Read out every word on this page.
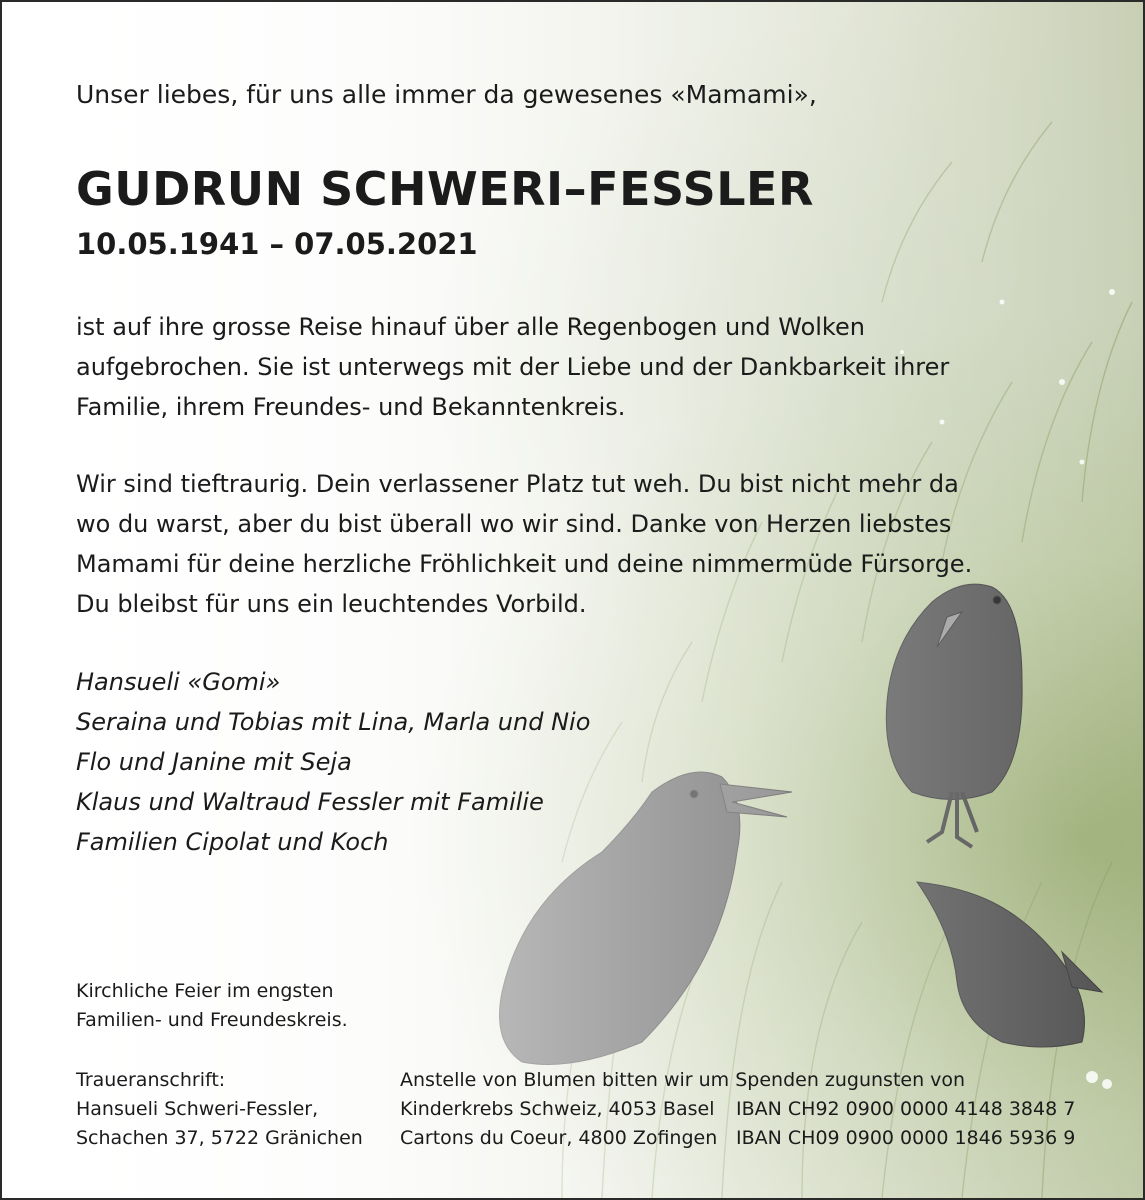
Unser liebes, für uns alle immer da gewesenes «Mamami»,
GUDRUN SCHWERI–FESSLER
10.05.1941 – 07.05.2021
ist auf ihre grosse Reise hinauf über alle Regenbogen und Wolken
aufgebrochen. Sie ist unterwegs mit der Liebe und der Dankbarkeit ihrer
Familie, ihrem Freundes- und Bekanntenkreis.
Wir sind tieftraurig. Dein verlassener Platz tut weh. Du bist nicht mehr da
wo du warst, aber du bist überall wo wir sind. Danke von Herzen liebstes
Mamami für deine herzliche Fröhlichkeit und deine nimmermüde Fürsorge.
Du bleibst für uns ein leuchtendes Vorbild.
Hansueli «Gomi»
Seraina und Tobias mit Lina, Marla und Nio
Flo und Janine mit Seja
Klaus und Waltraud Fessler mit Familie
Familien Cipolat und Koch
Kirchliche Feier im engsten
Familien- und Freundeskreis.
Traueranschrift:
Hansueli Schweri-Fessler,
Schachen 37, 5722 Gränichen
Anstelle von Blumen bitten wir um Spenden zugunsten von
Kinderkrebs Schweiz, 4053 Basel	IBAN CH92 0900 0000 4148 3848 7
Cartons du Coeur, 4800 Zofingen IBAN CH09 0900 0000 1846 5936 9
